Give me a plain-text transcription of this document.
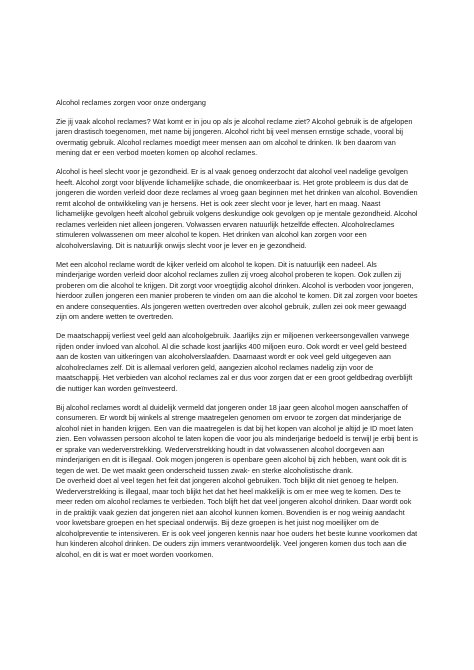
Alcohol reclames zorgen voor onze ondergang

Zie jij vaak alcohol reclames? Wat komt er in jou op als je alcohol reclame ziet? Alcohol gebruik is de afgelopen jaren drastisch toegenomen, met name bij jongeren. Alcohol richt bij veel mensen ernstige schade, vooral bij overmatig gebruik. Alcohol reclames moedigt meer mensen aan om alcohol te drinken. Ik ben daarom van mening dat er een verbod moeten komen op alcohol reclames.

Alcohol is heel slecht voor je gezondheid. Er is al vaak genoeg onderzocht dat alcohol veel nadelige gevolgen heeft. Alcohol zorgt voor blijvende lichamelijke schade, die onomkeerbaar is. Het grote probleem is dus dat de jongeren die worden verleid door deze reclames al vroeg gaan beginnen met het drinken van alcohol. Bovendien remt alcohol de ontwikkeling van je hersens. Het is ook zeer slecht voor je lever, hart en maag. Naast lichamelijke gevolgen heeft alcohol gebruik volgens deskundige ook gevolgen op je mentale gezondheid. Alcohol reclames verleiden niet alleen jongeren. Volwassen ervaren natuurlijk hetzelfde effecten. Alcoholreclames stimuleren volwassenen om meer alcohol te kopen. Het drinken van alcohol kan zorgen voor een alcoholverslaving. Dit is natuurlijk onwijs slecht voor je lever en je gezondheid.

Met een alcohol reclame wordt de kijker verleid om alcohol te kopen. Dit is natuurlijk een nadeel. Als minderjarige worden verleid door alcohol reclames zullen zij vroeg alcohol proberen te kopen. Ook zullen zij proberen om die alcohol te krijgen. Dit zorgt voor vroegtijdig alcohol drinken. Alcohol is verboden voor jongeren, hierdoor zullen jongeren een manier proberen te vinden om aan die alcohol te komen. Dit zal zorgen voor boetes en andere consequenties. Als jongeren wetten overtreden over alcohol gebruik, zullen zei ook meer gewaagd zijn om andere wetten te overtreden.

De maatschappij verliest veel geld aan alcoholgebruik. Jaarlijks zijn er miljoenen verkeersongevallen vanwege rijden onder invloed van alcohol. Al die schade kost jaarlijks 400 miljoen euro. Ook wordt er veel geld besteed aan de kosten van uitkeringen van alcoholverslaafden. Daarnaast wordt er ook veel geld uitgegeven aan alcoholreclames zelf. Dit is allemaal verloren geld, aangezien alcohol reclames nadelig zijn voor de maatschappij. Het verbieden van alcohol reclames zal er dus voor zorgen dat er een groot geldbedrag overblijft die nuttiger kan worden geïnvesteerd.

Bij alcohol reclames wordt al duidelijk vermeld dat jongeren onder 18 jaar geen alcohol mogen aanschaffen of consumeren. Er wordt bij winkels al strenge maatregelen genomen om ervoor te zorgen dat minderjarige de alcohol niet in handen krijgen. Een van die maatregelen is dat bij het kopen van alcohol je altijd je ID moet laten zien. Een volwassen persoon alcohol te laten kopen die voor jou als minderjarige bedoeld is terwijl je erbij bent is er sprake van wederverstrekking. Wederverstrekking houdt in dat volwassenen alcohol doorgeven aan minderjarigen en dit is illegaal. Ook mogen jongeren is openbare geen alcohol bij zich hebben, want ook dit is tegen de wet. De wet maakt geen onderscheid tussen zwak- en sterke alcoholistische drank.

De overheid doet al veel tegen het feit dat jongeren alcohol gebruiken. Toch blijkt dit niet genoeg te helpen. Wederverstrekking is illegaal, maar toch blijkt het dat het heel makkelijk is om er mee weg te komen. Des te meer reden om alcohol reclames te verbieden. Toch blijft het dat veel jongeren alcohol drinken. Daar wordt ook in de praktijk vaak gezien dat jongeren niet aan alcohol kunnen komen. Bovendien is er nog weinig aandacht voor kwetsbare groepen en het speciaal onderwijs. Bij deze groepen is het juist nog moeilijker om de alcoholpreventie te intensiveren. Er is ook veel jongeren kennis naar hoe ouders het beste kunne voorkomen dat hun kinderen alcohol drinken. De ouders zijn immers verantwoordelijk. Veel jongeren komen dus toch aan die alcohol, en dit is wat er moet worden voorkomen.
